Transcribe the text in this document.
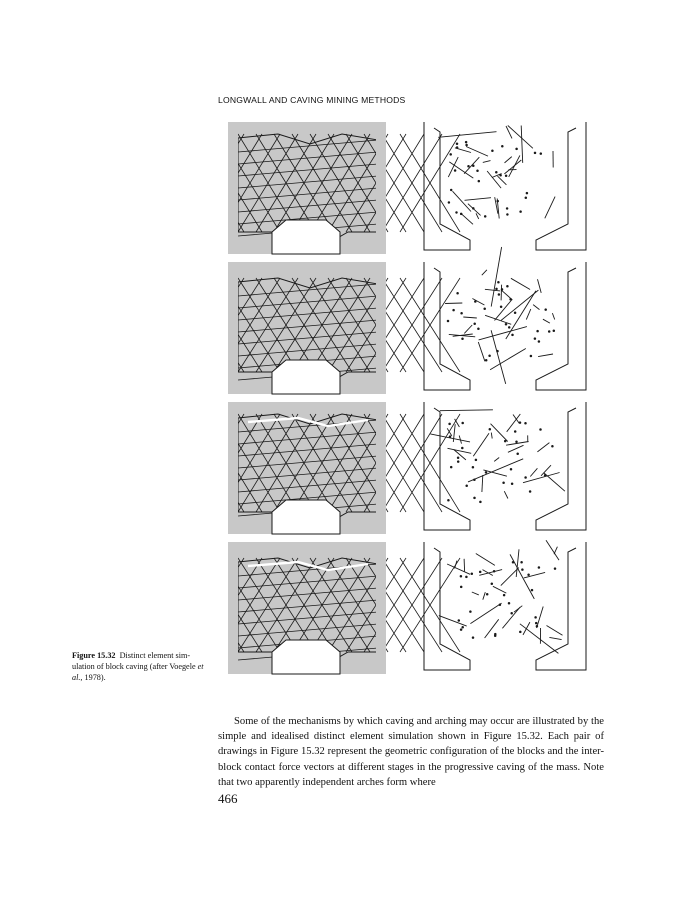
LONGWALL AND CAVING MINING METHODS
Figure 15.32 Distinct element sim-ulation of block caving (after Voegele et al., 1978).

Some of the mechanisms by which caving and arching may occur are illustrated by the simple and idealised distinct element simulation shown in Figure 15.32. Each pair of drawings in Figure 15.32 represent the geometric configuration of the blocks and the inter-block contact force vectors at different stages in the progressive caving of the mass. Note that two apparently independent arches form where

466
